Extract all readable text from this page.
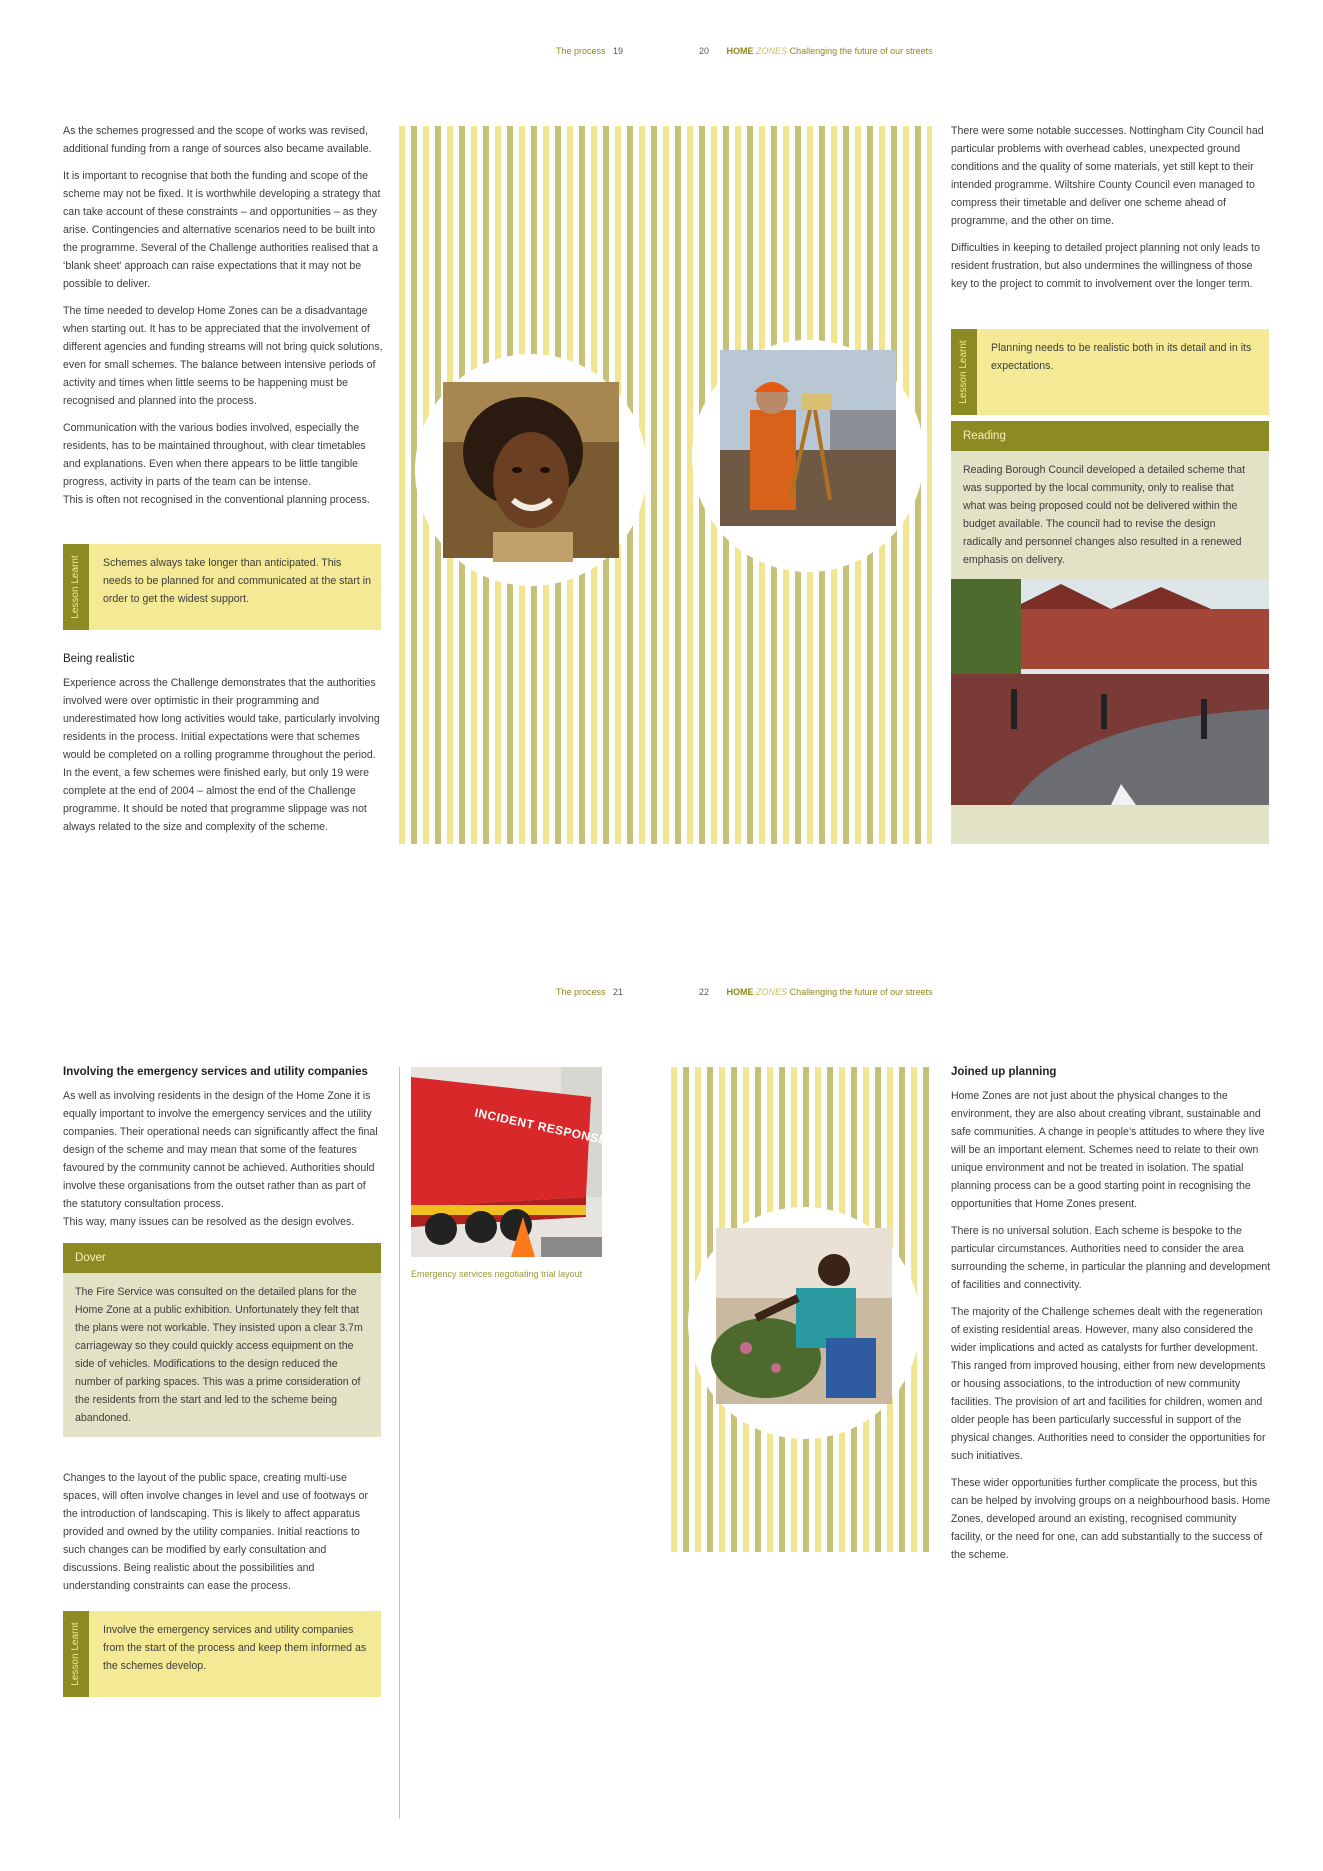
The process 19	20 HOME ZONES Challenging the future of our streets

As the schemes progressed and the scope of works was revised, additional funding from a range of sources also became available.

It is important to recognise that both the funding and scope of the scheme may not be fixed. It is worthwhile developing a strategy that can take account of these constraints – and opportunities – as they arise. Contingencies and alternative scenarios need to be built into the programme. Several of the Challenge authorities realised that a ‘blank sheet’ approach can raise expectations that it may not be possible to deliver.

The time needed to develop Home Zones can be a disadvantage when starting out. It has to be appreciated that the involvement of different agencies and funding streams will not bring quick solutions, even for small schemes. The balance between intensive periods of activity and times when little seems to be happening must be recognised and planned into the process.

Communication with the various bodies involved, especially the residents, has to be maintained throughout, with clear timetables and explanations. Even when there appears to be little tangible progress, activity in parts of the team can be intense.

This is often not recognised in the conventional planning process.

Lesson Learnt	Schemes always take longer than anticipated. This needs to be planned for and communicated at the start in order to get the widest support.
Being realistic

Experience across the Challenge demonstrates that the authorities involved were over optimistic in their programming and underestimated how long activities would take, particularly involving residents in the process. Initial expectations were that schemes would be completed on a rolling programme throughout the period. In the event, a few schemes were finished early, but only 19 were complete at the end of 2004 – almost the end of the Challenge programme. It should be noted that programme slippage was not always related to the size and complexity of the scheme.

There were some notable successes. Nottingham City Council had particular problems with overhead cables, unexpected ground conditions and the quality of some materials, yet still kept to their intended programme. Wiltshire County Council even managed to compress their timetable and deliver one scheme ahead of programme, and the other on time.

Difficulties in keeping to detailed project planning not only leads to resident frustration, but also undermines the willingness of those key to the project to commit to involvement over the longer term.

Lesson Learnt	Planning needs to be realistic both in its detail and in its expectations.
Reading
Reading Borough Council developed a detailed scheme that was supported by the local community, only to realise that what was being proposed could not be delivered within the budget available. The council had to revise the design radically and personnel changes also resulted in a renewed emphasis on delivery.
The process 21	22 HOME ZONES Challenging the future of our streets
Involving the emergency services and utility companies

As well as involving residents in the design of the Home Zone it is equally important to involve the emergency services and the utility companies. Their operational needs can significantly affect the final design of the scheme and may mean that some of the features favoured by the community cannot be achieved. Authorities should involve these organisations from the outset rather than as part of the statutory consultation process.

This way, many issues can be resolved as the design evolves.

Dover
The Fire Service was consulted on the detailed plans for the Home Zone at a public exhibition. Unfortunately they felt that the plans were not workable. They insisted upon a clear 3.7m carriageway so they could quickly access equipment on the side of vehicles. Modifications to the design reduced the number of parking spaces. This was a prime consideration of the residents from the start and led to the scheme being abandoned.

Changes to the layout of the public space, creating multi-use spaces, will often involve changes in level and use of footways or the introduction of landscaping. This is likely to affect apparatus provided and owned by the utility companies. Initial reactions to such changes can be modified by early consultation and discussions. Being realistic about the possibilities and understanding constraints can ease the process.

Lesson Learnt	Involve the emergency services and utility companies from the start of the process and keep them informed as the schemes develop.
INCIDENT RESPONSE UNIT
Emergency services negotiating trial layout
Joined up planning

Home Zones are not just about the physical changes to the environment, they are also about creating vibrant, sustainable and safe communities. A change in people’s attitudes to where they live will be an important element. Schemes need to relate to their own unique environment and not be treated in isolation. The spatial planning process can be a good starting point in recognising the opportunities that Home Zones present.

There is no universal solution. Each scheme is bespoke to the particular circumstances. Authorities need to consider the area surrounding the scheme, in particular the planning and development of facilities and connectivity.

The majority of the Challenge schemes dealt with the regeneration of existing residential areas. However, many also considered the wider implications and acted as catalysts for further development. This ranged from improved housing, either from new developments or housing associations, to the introduction of new community facilities. The provision of art and facilities for children, women and older people has been particularly successful in support of the physical changes. Authorities need to consider the opportunities for such initiatives.

These wider opportunities further complicate the process, but this can be helped by involving groups on a neighbourhood basis. Home Zones, developed around an existing, recognised community facility, or the need for one, can add substantially to the success of the scheme.
